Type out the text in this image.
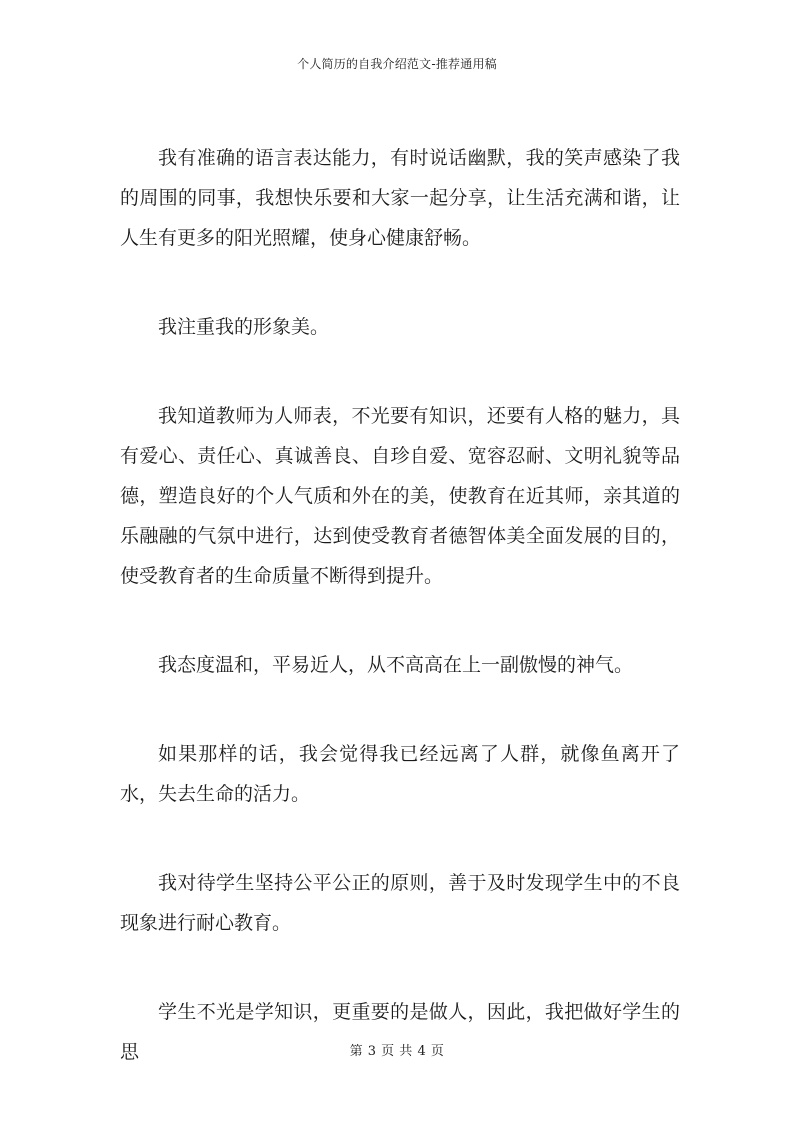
个人简历的自我介绍范文-推荐通用稿

我有准确的语言表达能力，有时说话幽默，我的笑声感染了我的周围的同事，我想快乐要和大家一起分享，让生活充满和谐，让人生有更多的阳光照耀，使身心健康舒畅。

我注重我的形象美。

我知道教师为人师表，不光要有知识，还要有人格的魅力，具有爱心、责任心、真诚善良、自珍自爱、宽容忍耐、文明礼貌等品德，塑造良好的个人气质和外在的美，使教育在近其师，亲其道的乐融融的气氛中进行，达到使受教育者德智体美全面发展的目的，使受教育者的生命质量不断得到提升。

我态度温和，平易近人，从不高高在上一副傲慢的神气。

如果那样的话，我会觉得我已经远离了人群，就像鱼离开了水，失去生命的活力。

我对待学生坚持公平公正的原则，善于及时发现学生中的不良现象进行耐心教育。

学生不光是学知识，更重要的是做人，因此，我把做好学生的思	第 3 页 共 4 页
